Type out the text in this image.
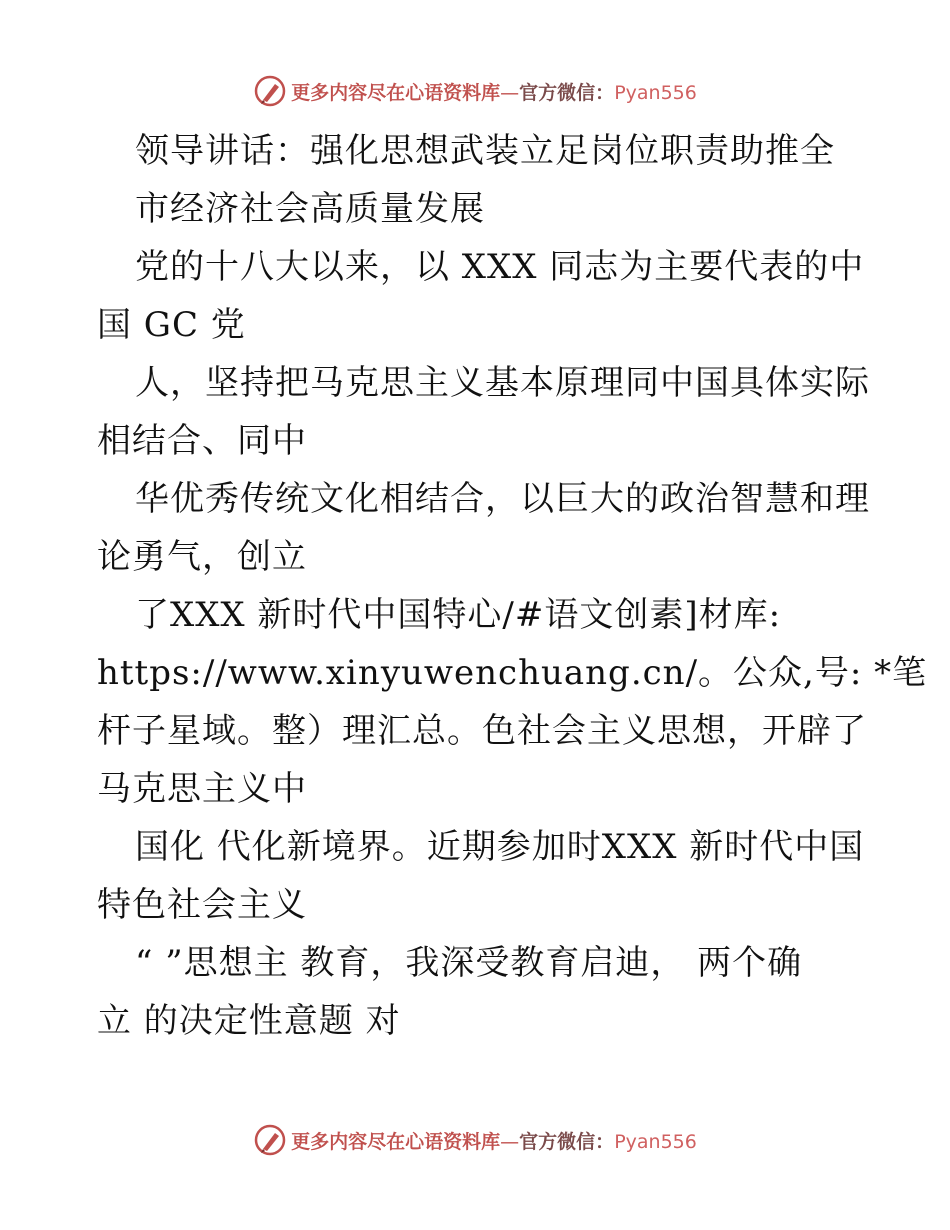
更多内容尽在心语资料库—官方微信：Pyan556
领导讲话：强化思想武装立足岗位职责助推全
市经济社会高质量发展
党的十八大以来，以 XXX 同志为主要代表的中
国 GC 党
人，坚持把马克思主义基本原理同中国具体实际
相结合、同中
华优秀传统文化相结合，以巨大的政治智慧和理
论勇气，创立
了XXX 新时代中国特心/#语文创素]材库:
https://www.xinyuwenchuang.cn/。公众,号: *笔
杆子星域。整）理汇总。色社会主义思想，开辟了
马克思主义中
国化 代化新境界。近期参加时XXX 新时代中国
特色社会主义
“ ”思想主 教育，我深受教育启迪， 两个确
立 的决定性意题 对
更多内容尽在心语资料库—官方微信：Pyan556
